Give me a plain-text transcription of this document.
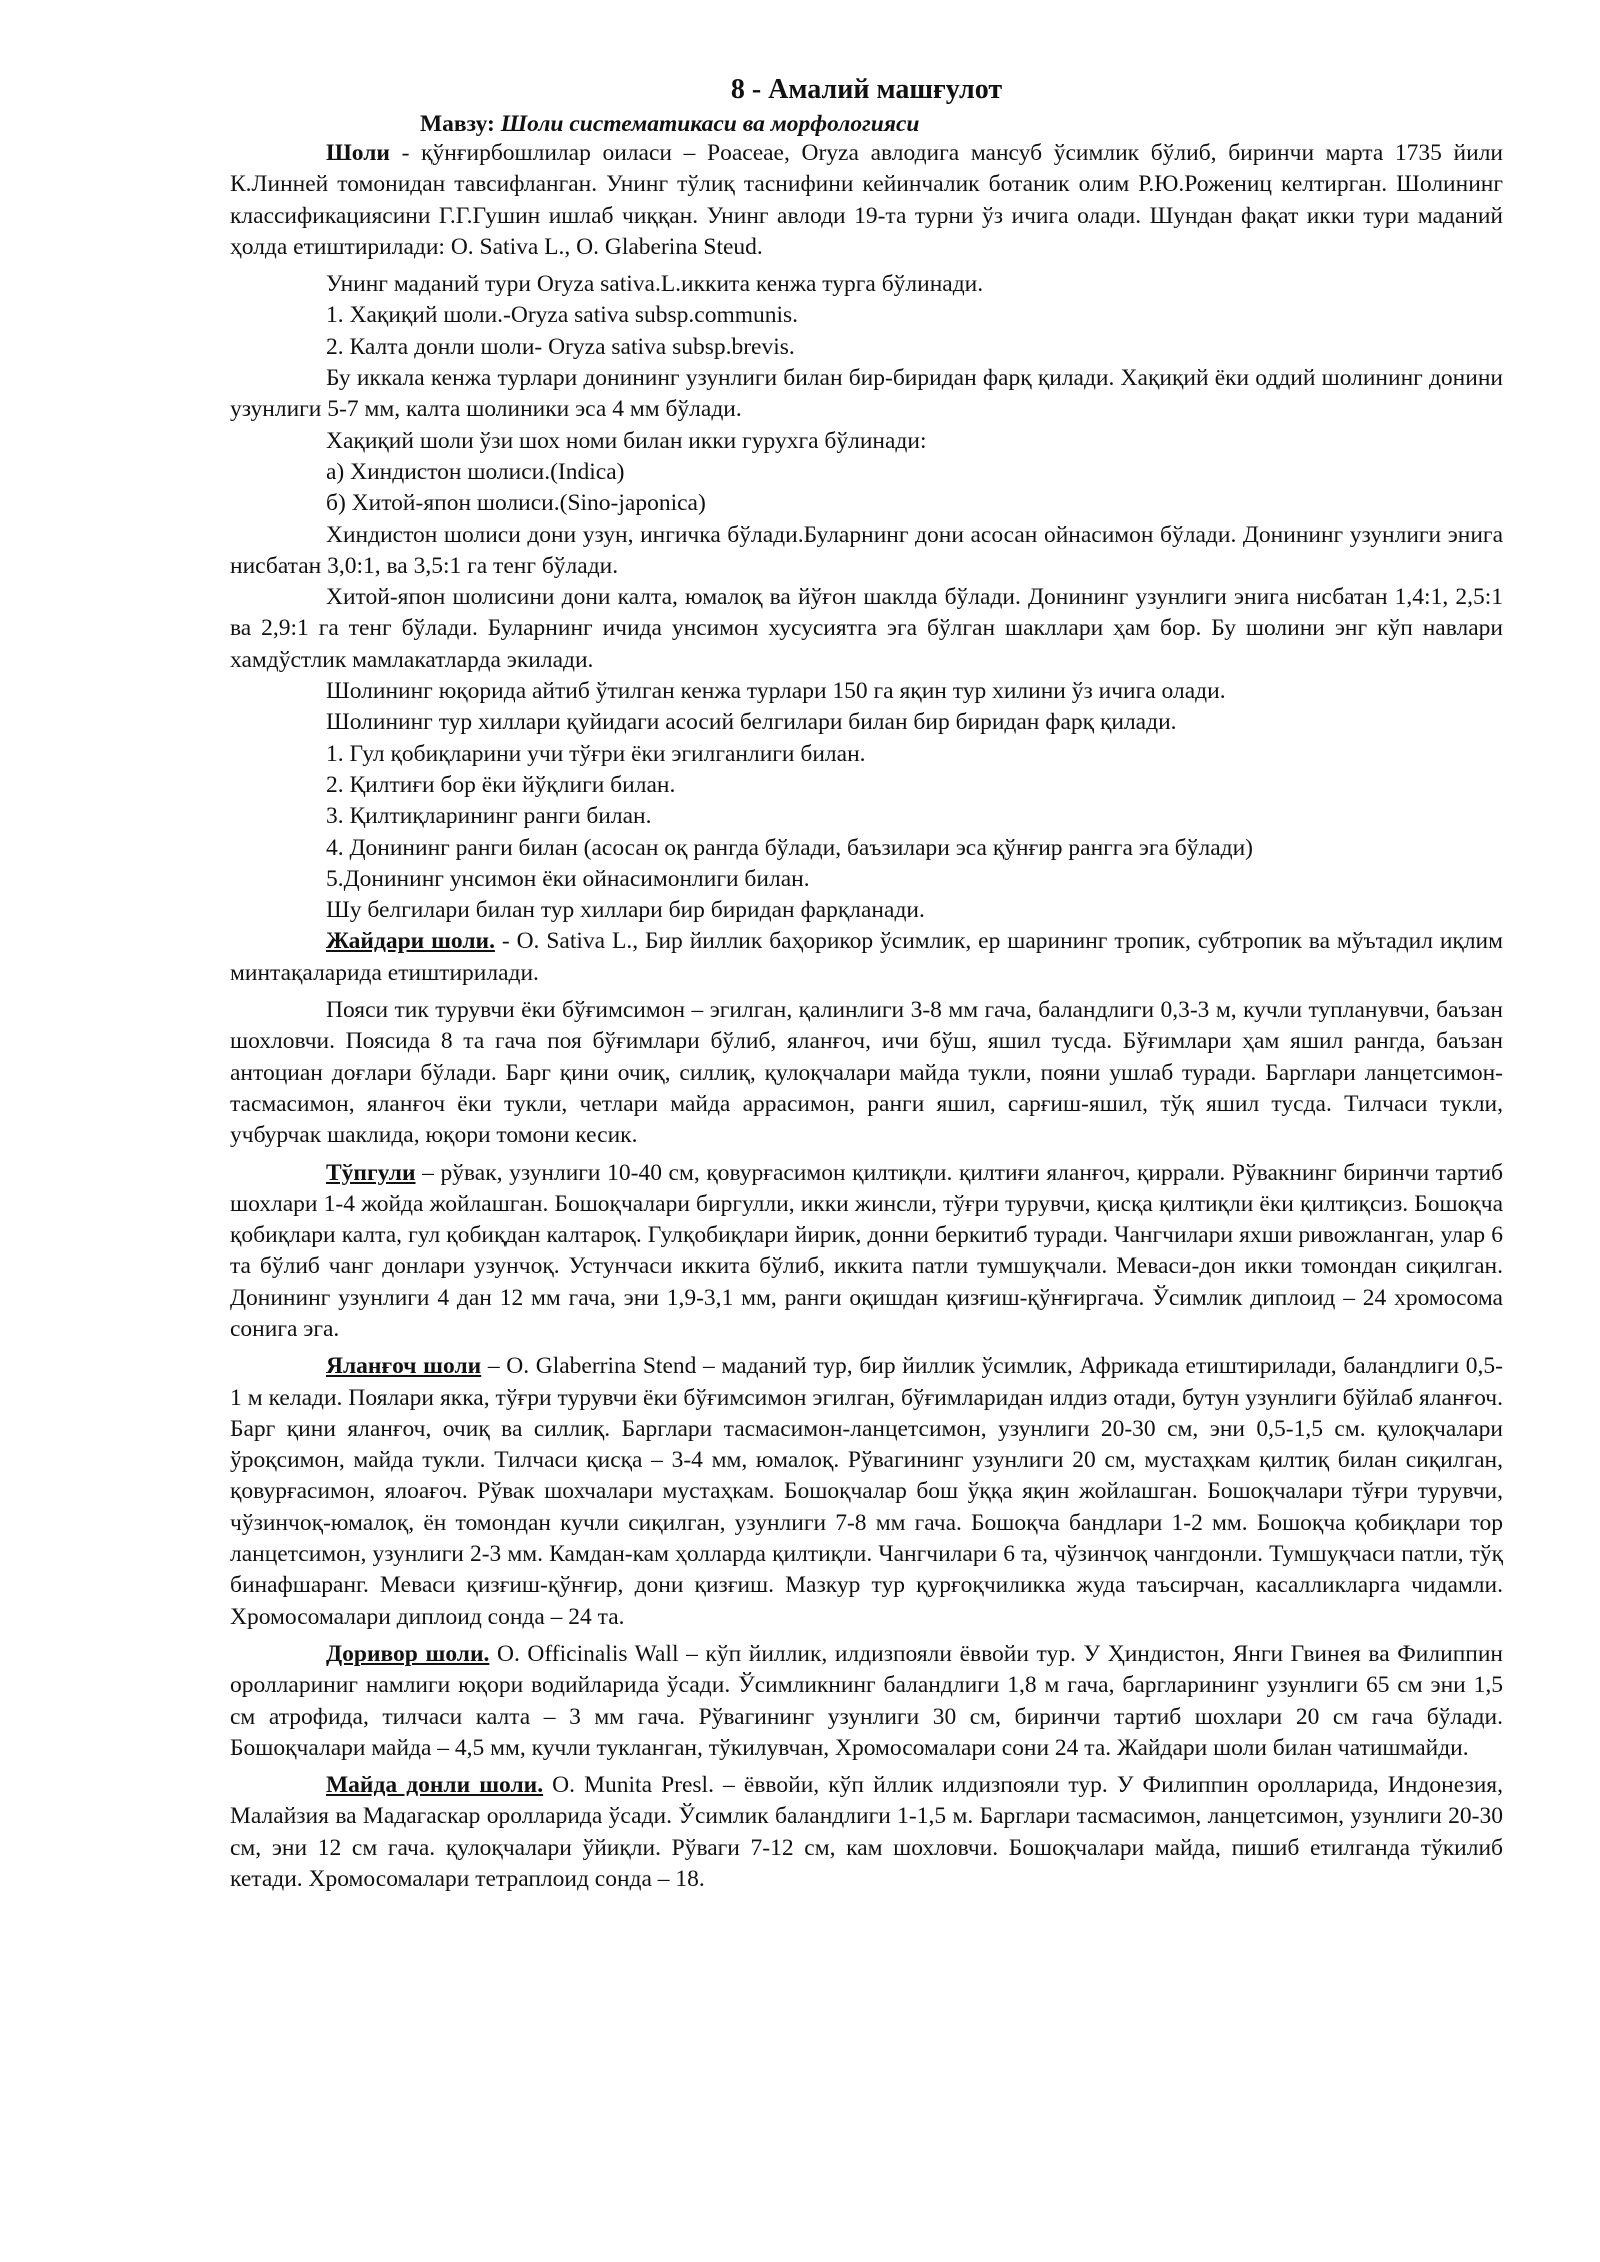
8 - Амалий машғулот
Мавзу: Шоли систематикаси ва морфологияси

Шоли - қўнғирбошлилар оиласи – Poaceae, Oryza авлодига мансуб ўсимлик бўлиб, биринчи марта 1735 йили К.Линней томонидан тавсифланган. Унинг тўлиқ таснифини кейинчалик ботаник олим Р.Ю.Рожениц келтирган. Шолининг классификациясини Г.Г.Гушин ишлаб чиққан. Унинг авлоди 19-та турни ўз ичига олади. Шундан фақат икки тури маданий ҳолда етиштирилади: O. Sativa L., O. Glaberina Steud.

Унинг маданий тури Oryza sativa.L.иккита кенжа турга бўлинади.

1. Хақиқий шоли.-Oryza sativa subsp.communis.

2. Калта донли шоли- Oryza sativa subsp.brevis.

Бу иккала кенжа турлари донининг узунлиги билан бир-биридан фарқ қилади. Хақиқий ёки оддий шолининг донини узунлиги 5-7 мм, калта шолиники эса 4 мм бўлади.

Хақиқий шоли ўзи шох номи билан икки гурухга бўлинади:

а) Хиндистон шолиси.(Indica)

б) Хитой-япон шолиси.(Sino-japonica)

Хиндистон шолиси дони узун, ингичка бўлади.Буларнинг дони асосан ойнасимон бўлади. Донининг узунлиги энига нисбатан 3,0:1, ва 3,5:1 га тенг бўлади.

Хитой-япон шолисини дони калта, юмалоқ ва йўғон шаклда бўлади. Донининг узунлиги энига нисбатан 1,4:1, 2,5:1 ва 2,9:1 га тенг бўлади. Буларнинг ичида унсимон хусусиятга эга бўлган шакллари ҳам бор. Бу шолини энг кўп навлари хамдўстлик мамлакатларда экилади.

Шолининг юқорида айтиб ўтилган кенжа турлари 150 га яқин тур хилини ўз ичига олади.

Шолининг тур хиллари қуйидаги асосий белгилари билан бир биридан фарқ қилади.

1. Гул қобиқларини учи тўғри ёки эгилганлиги билан.

2. Қилтиғи бор ёки йўқлиги билан.

3. Қилтиқларининг ранги билан.

4. Донининг ранги билан (асосан оқ рангда бўлади, баъзилари эса қўнғир рангга эга бўлади)

5.Донининг унсимон ёки ойнасимонлиги билан.

Шу белгилари билан тур хиллари бир биридан фарқланади.

Жайдари шоли. - O. Sativa L., Бир йиллик баҳорикор ўсимлик, ер шарининг тропик, субтропик ва мўътадил иқлим минтақаларида етиштирилади.

Пояси тик турувчи ёки бўғимсимон – эгилган, қалинлиги 3-8 мм гача, баландлиги 0,3-3 м, кучли тупланувчи, баъзан шохловчи. Поясида 8 та гача поя бўғимлари бўлиб, яланғоч, ичи бўш, яшил тусда. Бўғимлари ҳам яшил рангда, баъзан антоциан доғлари бўлади. Барг қини очиқ, силлиқ, қулоқчалари майда тукли, пояни ушлаб туради. Барглари ланцетсимон-тасмасимон, яланғоч ёки тукли, четлари майда аррасимон, ранги яшил, сарғиш-яшил, тўқ яшил тусда. Тилчаси тукли, учбурчак шаклида, юқори томони кесик.

Тўпгули – рўвак, узунлиги 10-40 см, қовурғасимон қилтиқли. қилтиғи яланғоч, қиррали. Рўвакнинг биринчи тартиб шохлари 1-4 жойда жойлашган. Бошоқчалари биргулли, икки жинсли, тўғри турувчи, қисқа қилтиқли ёки қилтиқсиз. Бошоқча қобиқлари калта, гул қобиқдан калтароқ. Гулқобиқлари йирик, донни беркитиб туради. Чангчилари яхши ривожланган, улар 6 та бўлиб чанг донлари узунчоқ. Устунчаси иккита бўлиб, иккита патли тумшуқчали. Меваси-дон икки томондан сиқилган. Донининг узунлиги 4 дан 12 мм гача, эни 1,9-3,1 мм, ранги оқишдан қизғиш-қўнғиргача. Ўсимлик диплоид – 24 хромосома сонига эга.

Яланғоч шоли – O. Glaberrina Stend – маданий тур, бир йиллик ўсимлик, Африкада етиштирилади, баландлиги 0,5-1 м келади. Поялари якка, тўғри турувчи ёки бўғимсимон эгилган, бўғимларидан илдиз отади, бутун узунлиги бўйлаб яланғоч. Барг қини яланғоч, очиқ ва силлиқ. Барглари тасмасимон-ланцетсимон, узунлиги 20-30 см, эни 0,5-1,5 см. қулоқчалари ўроқсимон, майда тукли. Тилчаси қисқа – 3-4 мм, юмалоқ. Рўвагининг узунлиги 20 см, мустаҳкам қилтиқ билан сиқилган, қовурғасимон, ялоағоч. Рўвак шохчалари мустаҳкам. Бошоқчалар бош ўққа яқин жойлашган. Бошоқчалари тўғри турувчи, чўзинчоқ-юмалоқ, ён томондан кучли сиқилган, узунлиги 7-8 мм гача. Бошоқча бандлари 1-2 мм. Бошоқча қобиқлари тор ланцетсимон, узунлиги 2-3 мм. Камдан-кам ҳолларда қилтиқли. Чангчилари 6 та, чўзинчоқ чангдонли. Тумшуқчаси патли, тўқ бинафшаранг. Меваси қизғиш-қўнғир, дони қизғиш. Мазкур тур қурғоқчиликка жуда таъсирчан, касалликларга чидамли. Хромосомалари диплоид сонда – 24 та.

Доривор шоли. O. Officinalis Wall – кўп йиллик, илдизпояли ёввойи тур. У Ҳиндистон, Янги Гвинея ва Филиппин ороллариниг намлиги юқори водийларида ўсади. Ўсимликнинг баландлиги 1,8 м гача, баргларининг узунлиги 65 см эни 1,5 см атрофида, тилчаси калта – 3 мм гача. Рўвагининг узунлиги 30 см, биринчи тартиб шохлари 20 см гача бўлади. Бошоқчалари майда – 4,5 мм, кучли тукланган, тўкилувчан, Хромосомалари сони 24 та. Жайдари шоли билан чатишмайди.

Майда донли шоли. O. Munita Presl. – ёввойи, кўп йллик илдизпояли тур. У Филиппин оролларида, Индонезия, Малайзия ва Мадагаскар оролларида ўсади. Ўсимлик баландлиги 1-1,5 м. Барглари тасмасимон, ланцетсимон, узунлиги 20-30 см, эни 12 см гача. қулоқчалари ўйиқли. Рўваги 7-12 см, кам шохловчи. Бошоқчалари майда, пишиб етилганда тўкилиб кетади. Хромосомалари тетраплоид сонда – 18.
